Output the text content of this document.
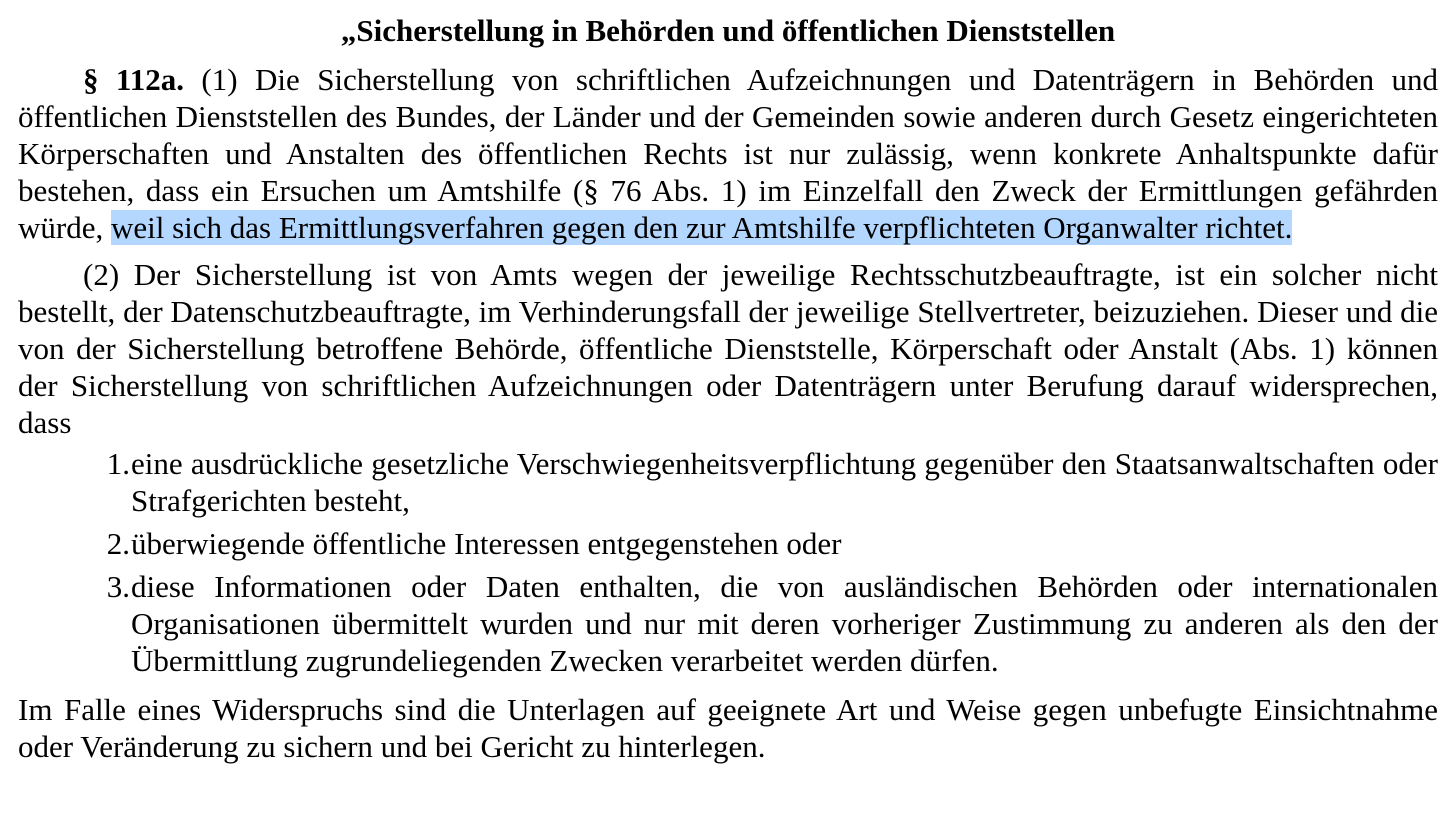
„Sicherstellung in Behörden und öffentlichen Dienststellen

§ 112a. (1) Die Sicherstellung von schriftlichen Aufzeichnungen und Datenträgern in Behörden und öffentlichen Dienststellen des Bundes, der Länder und der Gemeinden sowie anderen durch Gesetz eingerichteten Körperschaften und Anstalten des öffentlichen Rechts ist nur zulässig, wenn konkrete Anhaltspunkte dafür bestehen, dass ein Ersuchen um Amtshilfe (§ 76 Abs. 1) im Einzelfall den Zweck der Ermittlungen gefährden würde, weil sich das Ermittlungsverfahren gegen den zur Amtshilfe verpflichteten Organwalter richtet.

(2) Der Sicherstellung ist von Amts wegen der jeweilige Rechtsschutzbeauftragte, ist ein solcher nicht bestellt, der Datenschutzbeauftragte, im Verhinderungsfall der jeweilige Stellvertreter, beizuziehen. Dieser und die von der Sicherstellung betroffene Behörde, öffentliche Dienststelle, Körperschaft oder Anstalt (Abs. 1) können der Sicherstellung von schriftlichen Aufzeichnungen oder Datenträgern unter Berufung darauf widersprechen, dass

1. eine ausdrückliche gesetzliche Verschwiegenheitsverpflichtung gegenüber den Staatsanwaltschaften oder Strafgerichten besteht,
2. überwiegende öffentliche Interessen entgegenstehen oder
3. diese Informationen oder Daten enthalten, die von ausländischen Behörden oder internationalen Organisationen übermittelt wurden und nur mit deren vorheriger Zustimmung zu anderen als den der Übermittlung zugrundeliegenden Zwecken verarbeitet werden dürfen.

Im Falle eines Widerspruchs sind die Unterlagen auf geeignete Art und Weise gegen unbefugte Einsichtnahme oder Veränderung zu sichern und bei Gericht zu hinterlegen.
